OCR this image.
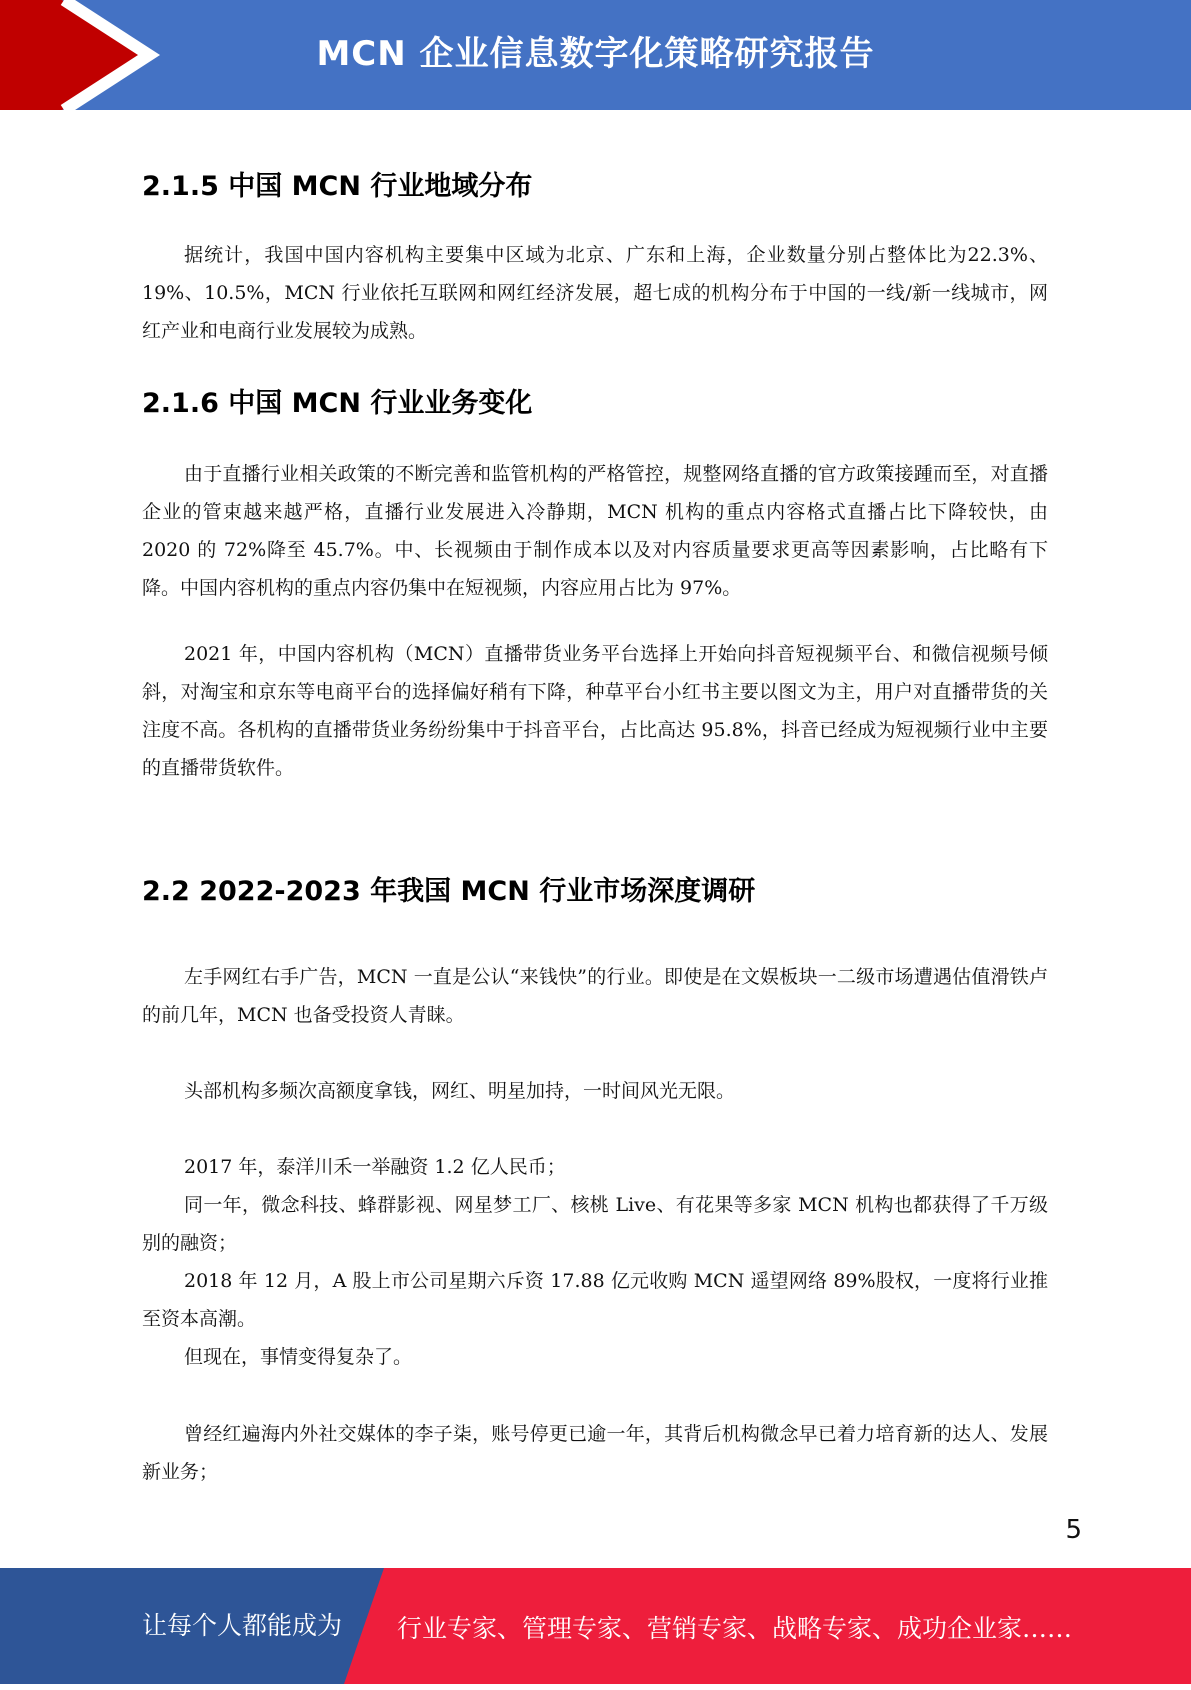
MCN 企业信息数字化策略研究报告
2.1.5 中国 MCN 行业地域分布

据统计，我国中国内容机构主要集中区域为北京、广东和上海，企业数量分别占整体比为22.3%、19%、10.5%，MCN 行业依托互联网和网红经济发展，超七成的机构分布于中国的一线/新一线城市，网红产业和电商行业发展较为成熟。

2.1.6 中国 MCN 行业业务变化

由于直播行业相关政策的不断完善和监管机构的严格管控，规整网络直播的官方政策接踵而至，对直播企业的管束越来越严格，直播行业发展进入冷静期，MCN 机构的重点内容格式直播占比下降较快，由 2020 的 72%降至 45.7%。中、长视频由于制作成本以及对内容质量要求更高等因素影响，占比略有下降。中国内容机构的重点内容仍集中在短视频，内容应用占比为 97%。

2021 年，中国内容机构（MCN）直播带货业务平台选择上开始向抖音短视频平台、和微信视频号倾斜，对淘宝和京东等电商平台的选择偏好稍有下降，种草平台小红书主要以图文为主，用户对直播带货的关注度不高。各机构的直播带货业务纷纷集中于抖音平台，占比高达 95.8%，抖音已经成为短视频行业中主要的直播带货软件。

2.2 2022-2023 年我国 MCN 行业市场深度调研

左手网红右手广告，MCN 一直是公认“来钱快”的行业。即使是在文娱板块一二级市场遭遇估值滑铁卢的前几年，MCN 也备受投资人青睐。

头部机构多频次高额度拿钱，网红、明星加持，一时间风光无限。

2017 年，泰洋川禾一举融资 1.2 亿人民币；

同一年，微念科技、蜂群影视、网星梦工厂、核桃 Live、有花果等多家 MCN 机构也都获得了千万级别的融资；

2018 年 12 月，A 股上市公司星期六斥资 17.88 亿元收购 MCN 遥望网络 89%股权，一度将行业推至资本高潮。

但现在，事情变得复杂了。

曾经红遍海内外社交媒体的李子柒，账号停更已逾一年，其背后机构微念早已着力培育新的达人、发展新业务；

5
让每个人都能成为 行业专家、管理专家、营销专家、战略专家、成功企业家……
